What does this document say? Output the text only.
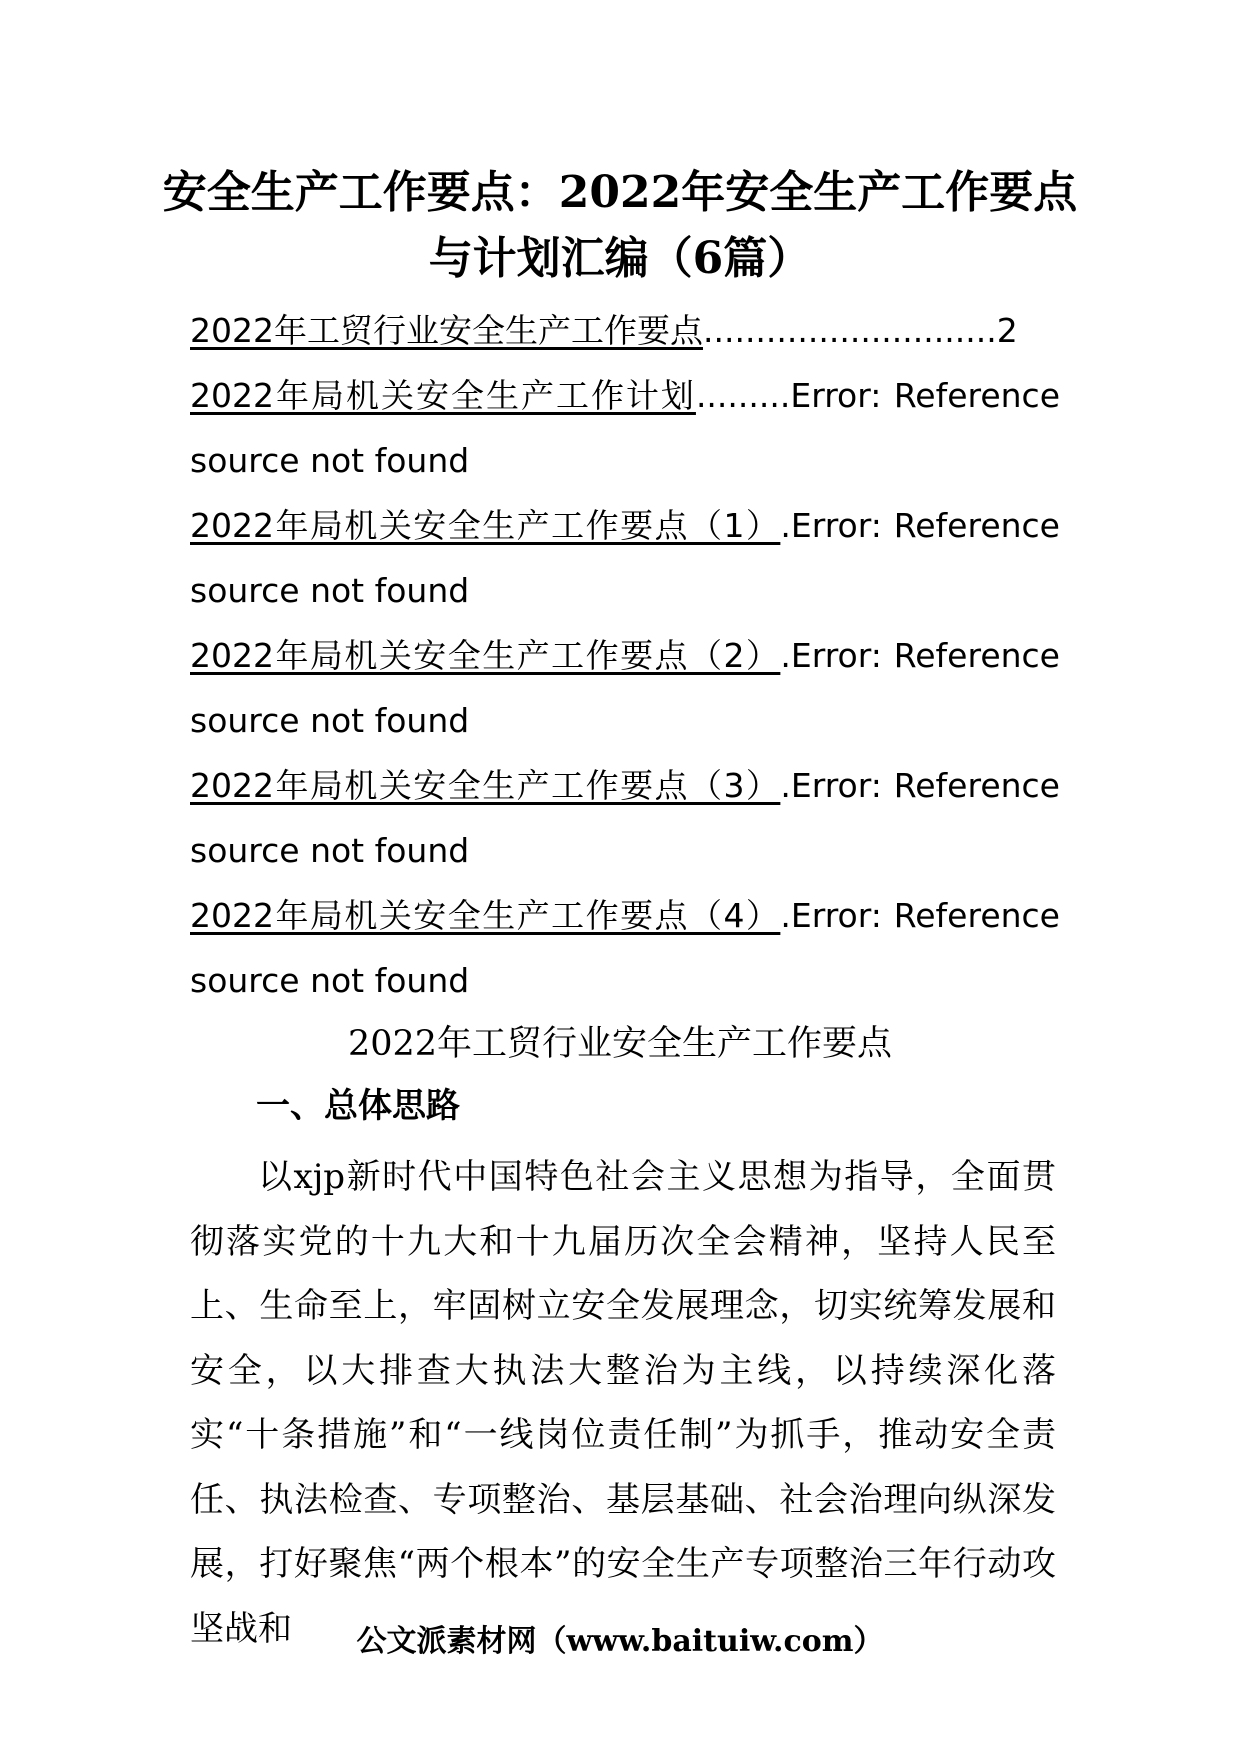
安全生产工作要点：2022年安全生产工作要点与计划汇编（6篇）
2022年工贸行业安全生产工作要点............................2
2022年局机关安全生产工作计划.........Error: Reference source not found
2022年局机关安全生产工作要点（1）.Error: Reference source not found
2022年局机关安全生产工作要点（2）.Error: Reference source not found
2022年局机关安全生产工作要点（3）.Error: Reference source not found
2022年局机关安全生产工作要点（4）.Error: Reference source not found
2022年工贸行业安全生产工作要点
一、总体思路

以xjp新时代中国特色社会主义思想为指导，全面贯彻落实党的十九大和十九届历次全会精神，坚持人民至上、生命至上，牢固树立安全发展理念，切实统筹发展和安全，以大排查大执法大整治为主线，以持续深化落实“十条措施”和“一线岗位责任制”为抓手，推动安全责任、执法检查、专项整治、基层基础、社会治理向纵深发展，打好聚焦“两个根本”的安全生产专项整治三年行动攻坚战和	公文派素材网（www.baituiw.com）
